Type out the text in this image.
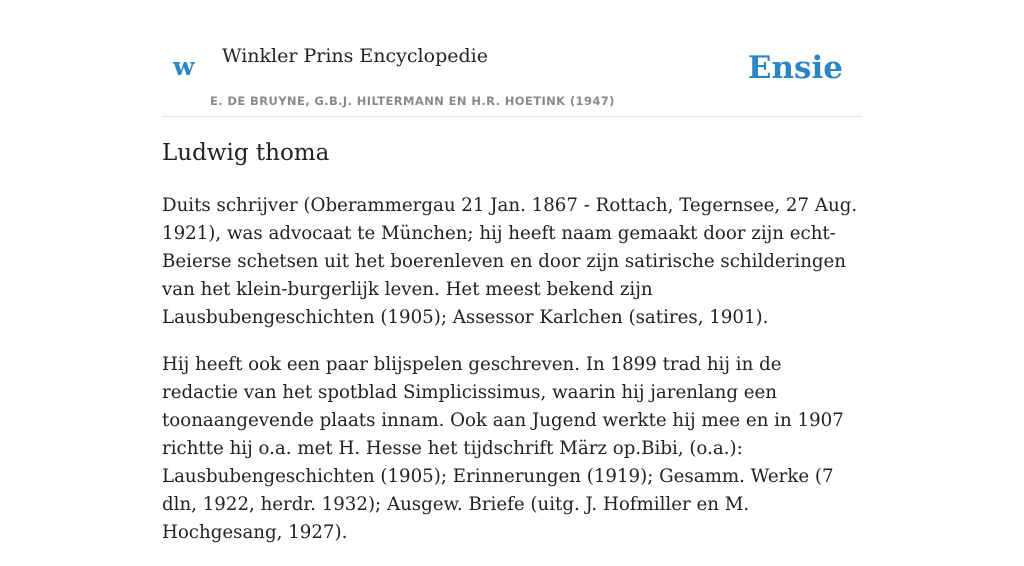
w Winkler Prins Encyclopedie
E. DE BRUYNE, G.B.J. HILTERMANN EN H.R. HOETINK (1947)
Ensie
Ludwig thoma

Duits schrijver (Oberammergau 21 Jan. 1867 - Rottach, Tegernsee, 27 Aug. 1921), was advocaat te München; hij heeft naam gemaakt door zijn echt-Beierse schetsen uit het boerenleven en door zijn satirische schilderingen van het klein-burgerlijk leven. Het meest bekend zijn Lausbubengeschichten (1905); Assessor Karlchen (satires, 1901).

Hij heeft ook een paar blijspelen geschreven. In 1899 trad hij in de redactie van het spotblad Simplicissimus, waarin hij jarenlang een toonaangevende plaats innam. Ook aan Jugend werkte hij mee en in 1907 richtte hij o.a. met H. Hesse het tijdschrift März op.Bibi, (o.a.): Lausbubengeschichten (1905); Erinnerungen (1919); Gesamm. Werke (7 dln, 1922, herdr. 1932); Ausgew. Briefe (uitg. J. Hofmiller en M. Hochgesang, 1927).
